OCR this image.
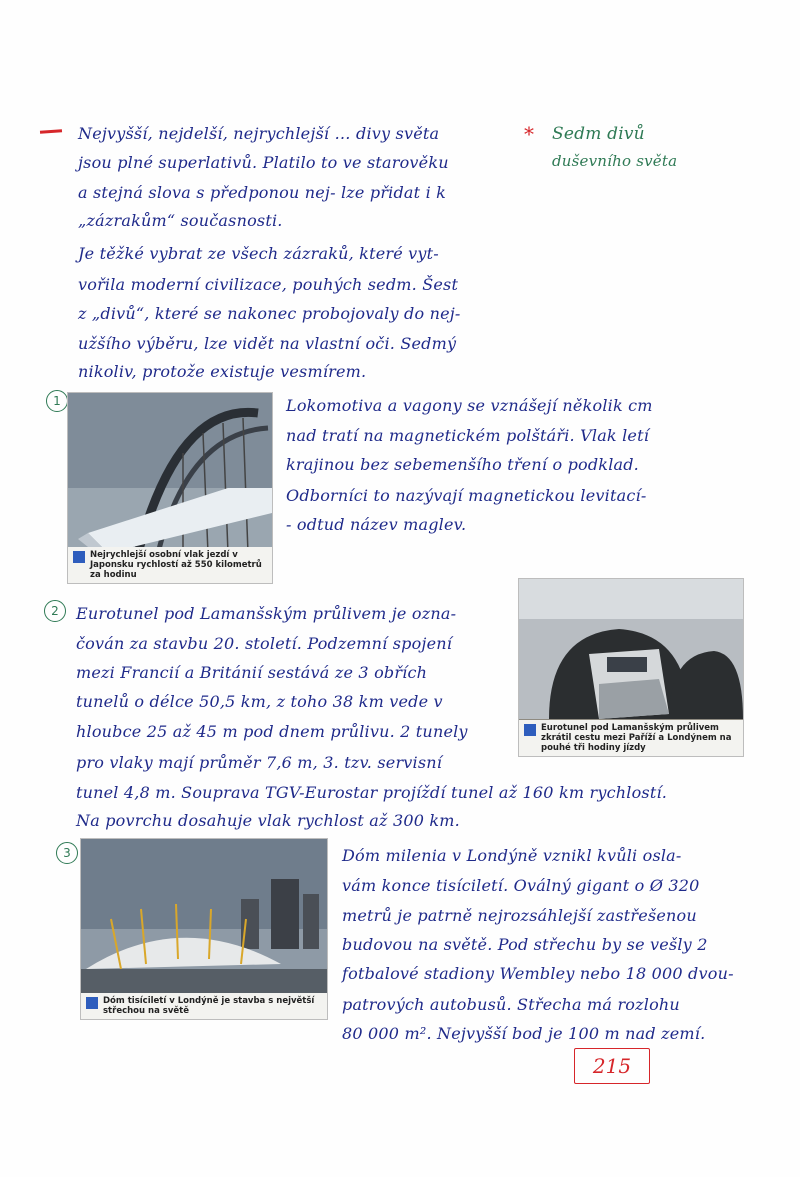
Nejvyšší, nejdelší, nejrychlejší … divy světa
jsou plné superlativů. Platilo to ve starověku
a stejná slova s předponou nej- lze přidat i k
„zázrakům“ současnosti.
* Sedm divů
duševního světa
Je těžké vybrat ze všech zázraků, které vyt-
vořila moderní civilizace, pouhých sedm. Šest
z „divů“, které se nakonec probojovaly do nej-
užšího výběru, lze vidět na vlastní oči. Sedmý
nikoliv, protože existuje vesmírem.
1
Nejrychlejší osobní vlak jezdí v Japonsku rychlostí až 550 kilometrů za hodinu
Lokomotiva a vagony se vznášejí několik cm
nad tratí na magnetickém polštáři. Vlak letí
krajinou bez sebemenšího tření o podklad.
Odborníci to nazývají magnetickou levitací-
- odtud název maglev.
2
Eurotunel pod Lamanšským průlivem zkrátil cestu mezi Paříží a Londýnem na pouhé tři hodiny jízdy
Eurotunel pod Lamanšským průlivem je ozna-
čován za stavbu 20. století. Podzemní spojení
mezi Francií a Británií sestává ze 3 obřích
tunelů o délce 50,5 km, z toho 38 km vede v
hloubce 25 až 45 m pod dnem průlivu. 2 tunely
pro vlaky mají průměr 7,6 m, 3. tzv. servisní
tunel 4,8 m. Souprava TGV-Eurostar projíždí tunel až 160 km rychlostí.
Na povrchu dosahuje vlak rychlost až 300 km.
3
Dóm tisíciletí v Londýně je stavba s největší střechou na světě
Dóm milenia v Londýně vznikl kvůli osla-
vám konce tisíciletí. Oválný gigant o Ø 320
metrů je patrně nejrozsáhlejší zastřešenou
budovou na světě. Pod střechu by se vešly 2
fotbalové stadiony Wembley nebo 18 000 dvou-
patrových autobusů. Střecha má rozlohu
80 000 m². Nejvyšší bod je 100 m nad zemí.
215
